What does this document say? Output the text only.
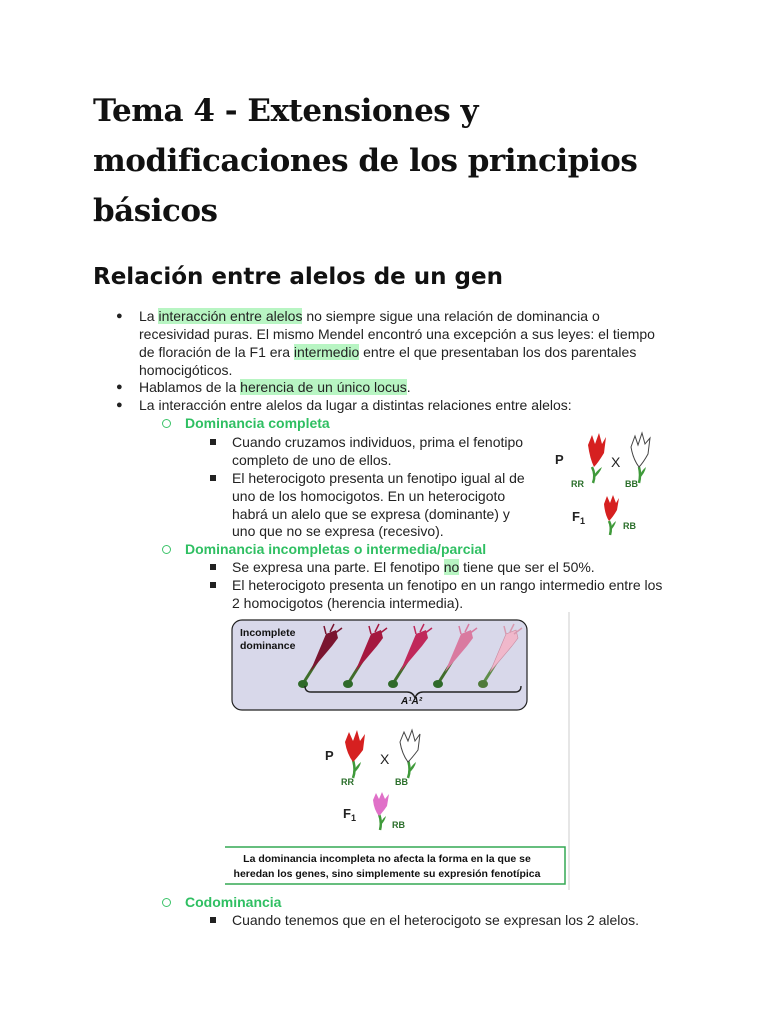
Tema 4 - Extensiones y
modificaciones de los principios
básicos
Relación entre alelos de un gen
● La interacción entre alelos no siempre sigue una relación de dominancia o
recesividad puras. El mismo Mendel encontró una excepción a sus leyes: el tiempo
de floración de la F1 era intermedio entre el que presentaban los dos parentales
homocigóticos.
● Hablamos de la herencia de un único locus.
● La interacción entre alelos da lugar a distintas relaciones entre alelos:
Dominancia completa
Cuando cruzamos individuos, prima el fenotipo
completo de uno de ellos.
El heterocigoto presenta un fenotipo igual al de
uno de los homocigotos. En un heterocigoto
habrá un alelo que se expresa (dominante) y
uno que no se expresa (recesivo).
P	X
RR	BB
$F_1$	RB
Dominancia incompletas o intermedia/parcial
Se expresa una parte. El fenotipo no tiene que ser el 50%.
El heterocigoto presenta un fenotipo en un rango intermedio entre los
2 homocigotos (herencia intermedia).
Incomplete
dominance
A¹A²
P	X
RR	BB
$F_1$
RB
La dominancia incompleta no afecta la forma en la que se
heredan los genes, sino simplemente su expresión fenotípica
Codominancia
Cuando tenemos que en el heterocigoto se expresan los 2 alelos.
